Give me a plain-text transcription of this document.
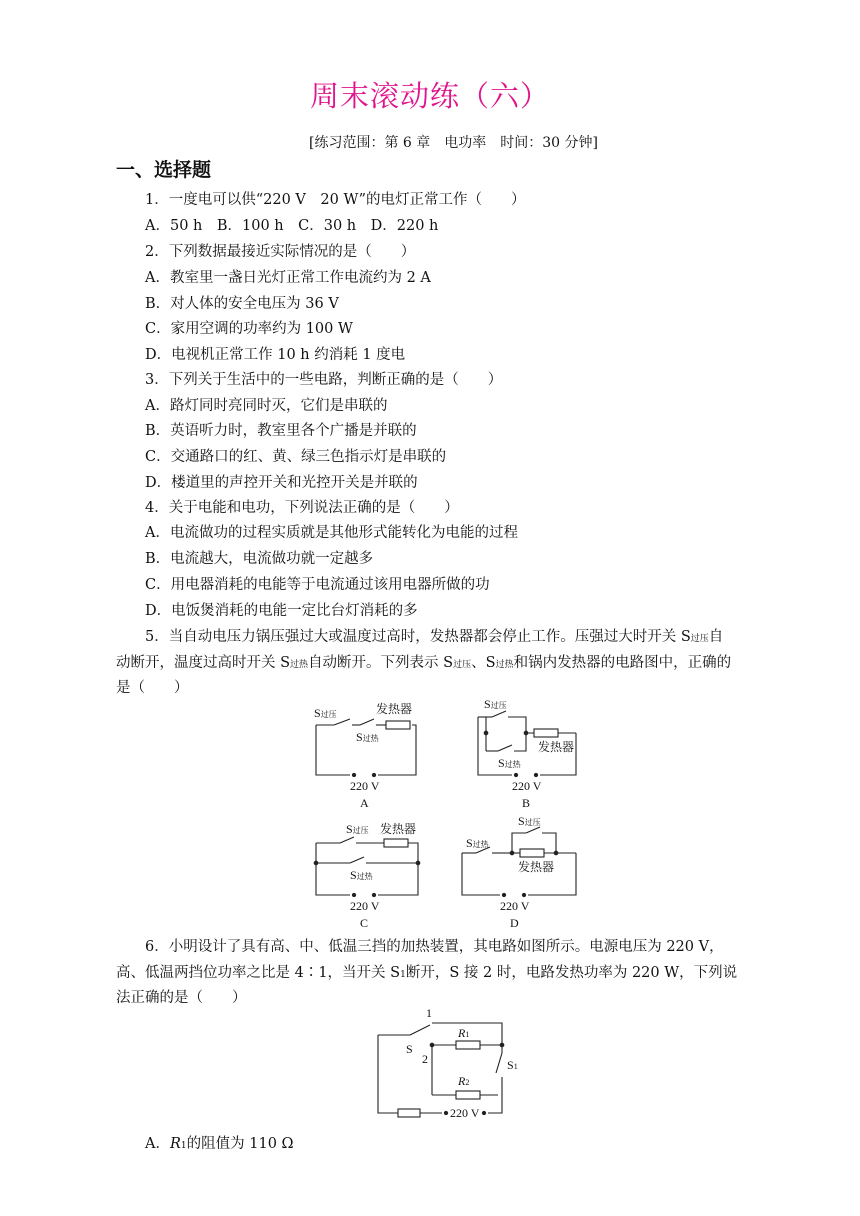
周末滚动练（六）
[练习范围：第 6 章　电功率　时间：30 分钟]
一、选择题
1．一度电可以供“220 V　20 W”的电灯正常工作（　　）
A．50 h　B．100 h　C．30 h　D．220 h
2．下列数据最接近实际情况的是（　　）
A．教室里一盏日光灯正常工作电流约为 2 A
B．对人体的安全电压为 36 V
C．家用空调的功率约为 100 W
D．电视机正常工作 10 h 约消耗 1 度电
3．下列关于生活中的一些电路，判断正确的是（　　）
A．路灯同时亮同时灭，它们是串联的
B．英语听力时，教室里各个广播是并联的
C．交通路口的红、黄、绿三色指示灯是串联的
D．楼道里的声控开关和光控开关是并联的
4．关于电能和电功，下列说法正确的是（　　）
A．电流做功的过程实质就是其他形式能转化为电能的过程
B．电流越大，电流做功就一定越多
C．用电器消耗的电能等于电流通过该用电器所做的功
D．电饭煲消耗的电能一定比台灯消耗的多
5．当自动电压力锅压强过大或温度过高时，发热器都会停止工作。压强过大时开关 S过压自
动断开，温度过高时开关 S过热自动断开。下列表示 S过压、S过热和锅内发热器的电路图中，正确的
是（　　）
S过压	发热器
S过热
220 V
A
S过压
发热器
S过热
220 V
B
S过压 发热器
S过热
220 V
C
S过热
S过压
发热器
220 V
D
6．小明设计了具有高、中、低温三挡的加热装置，其电路如图所示。电源电压为 220 V，
高、低温两挡位功率之比是 4∶1，当开关 S1断开，S 接 2 时，电路发热功率为 220 W，下列说
法正确的是（　　）
1
S
2
R1
R2
S1
220 V
A．R1的阻值为 110 Ω
